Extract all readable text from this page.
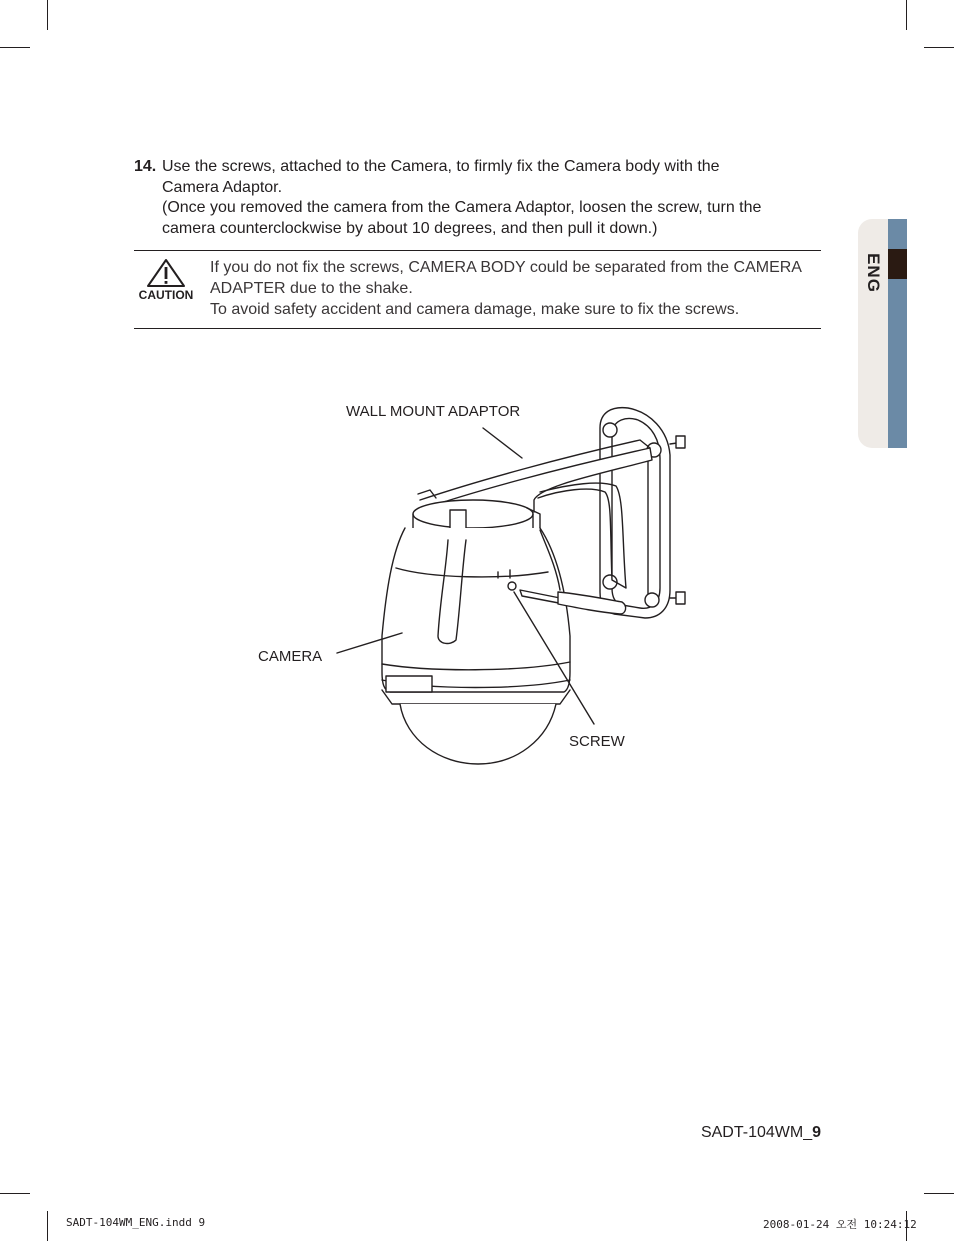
ENG
14. Use the screws, attached to the Camera, to firmly fix the Camera body with the
Camera Adaptor.
(Once you removed the camera from the Camera Adaptor, loosen the screw, turn the
camera counterclockwise by about 10 degrees, and then pull it down.)
CAUTION
If you do not fix the screws, CAMERA BODY could be separated from the CAMERA
ADAPTER due to the shake.
To avoid safety accident and camera damage, make sure to fix the screws.
WALL MOUNT ADAPTOR
CAMERA
SCREW
SADT-104WM_9
SADT-104WM_ENG.indd 9	2008-01-24 오전 10:24:12
